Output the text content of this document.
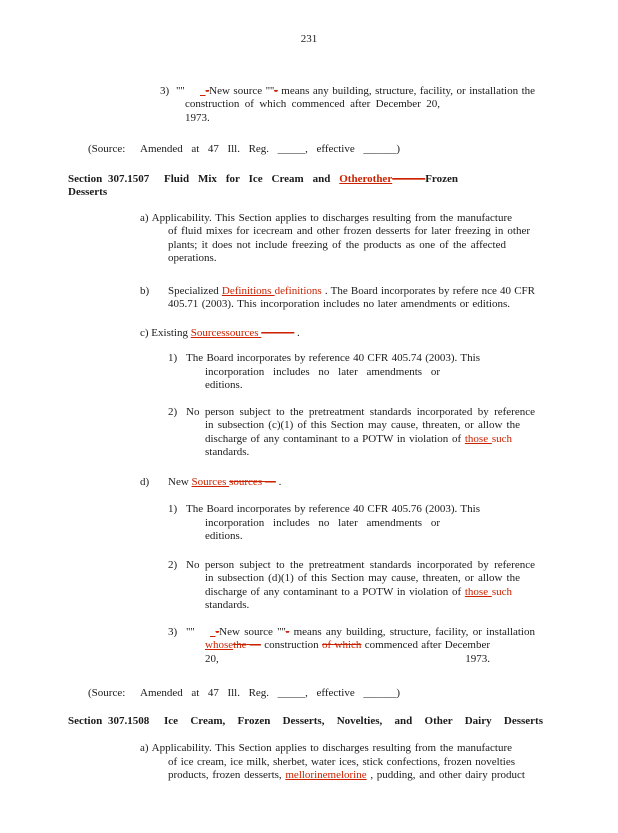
231
3) "'' _-New source "''- means any building, structure, facility, or installation the
construction of which commenced after December 20, 1973.
(Source: Amended at 47 Ill. Reg. _____, effective ______)
Section 307.1507 Fluid Mix for Ice Cream and Otherother———Frozen Desserts
a) Applicability. This Section applies to discharges resulting from the manufacture
of fluid mixes for icecream and other frozen desserts for later freezing in other
plants; it does not include freezing of the products as one of the affected
operations.
b) Specialized Definitions definitions . The Board incorporates by refere nce 40 CFR
405.71 (2003). This incorporation includes no later amendments or editions.
c) Existing Sourcessources ——— .
1) The Board incorporates by reference 40 CFR 405.74 (2003). This
incorporation includes no later amendments or editions.
2) No person subject to the pretreatment standards incorporated by reference
in subsection (c)(1) of this Section may cause, threaten, or allow the
discharge of any contaminant to a POTW in violation of those such
standards.
d) New Sources sources — .
1) The Board incorporates by reference 40 CFR 405.76 (2003). This
incorporation includes no later amendments or editions.
2) No person subject to the pretreatment standards incorporated by reference
in subsection (d)(1) of this Section may cause, threaten, or allow the
discharge of any contaminant to a POTW in violation of those such
standards.
3) "'' _-New source "''- means any building, structure, facility, or installation
whosethe — construction of which commenced after December 20, 1973.
(Source: Amended at 47 Ill. Reg. _____, effective ______)
Section 307.1508 Ice Cream, Frozen Desserts, Novelties, and Other Dairy Desserts
a) Applicability. This Section applies to discharges resulting from the manufacture
of ice cream, ice milk, sherbet, water ices, stick confections, frozen novelties
products, frozen desserts, mellorinemelorine , pudding, and other dairy product
